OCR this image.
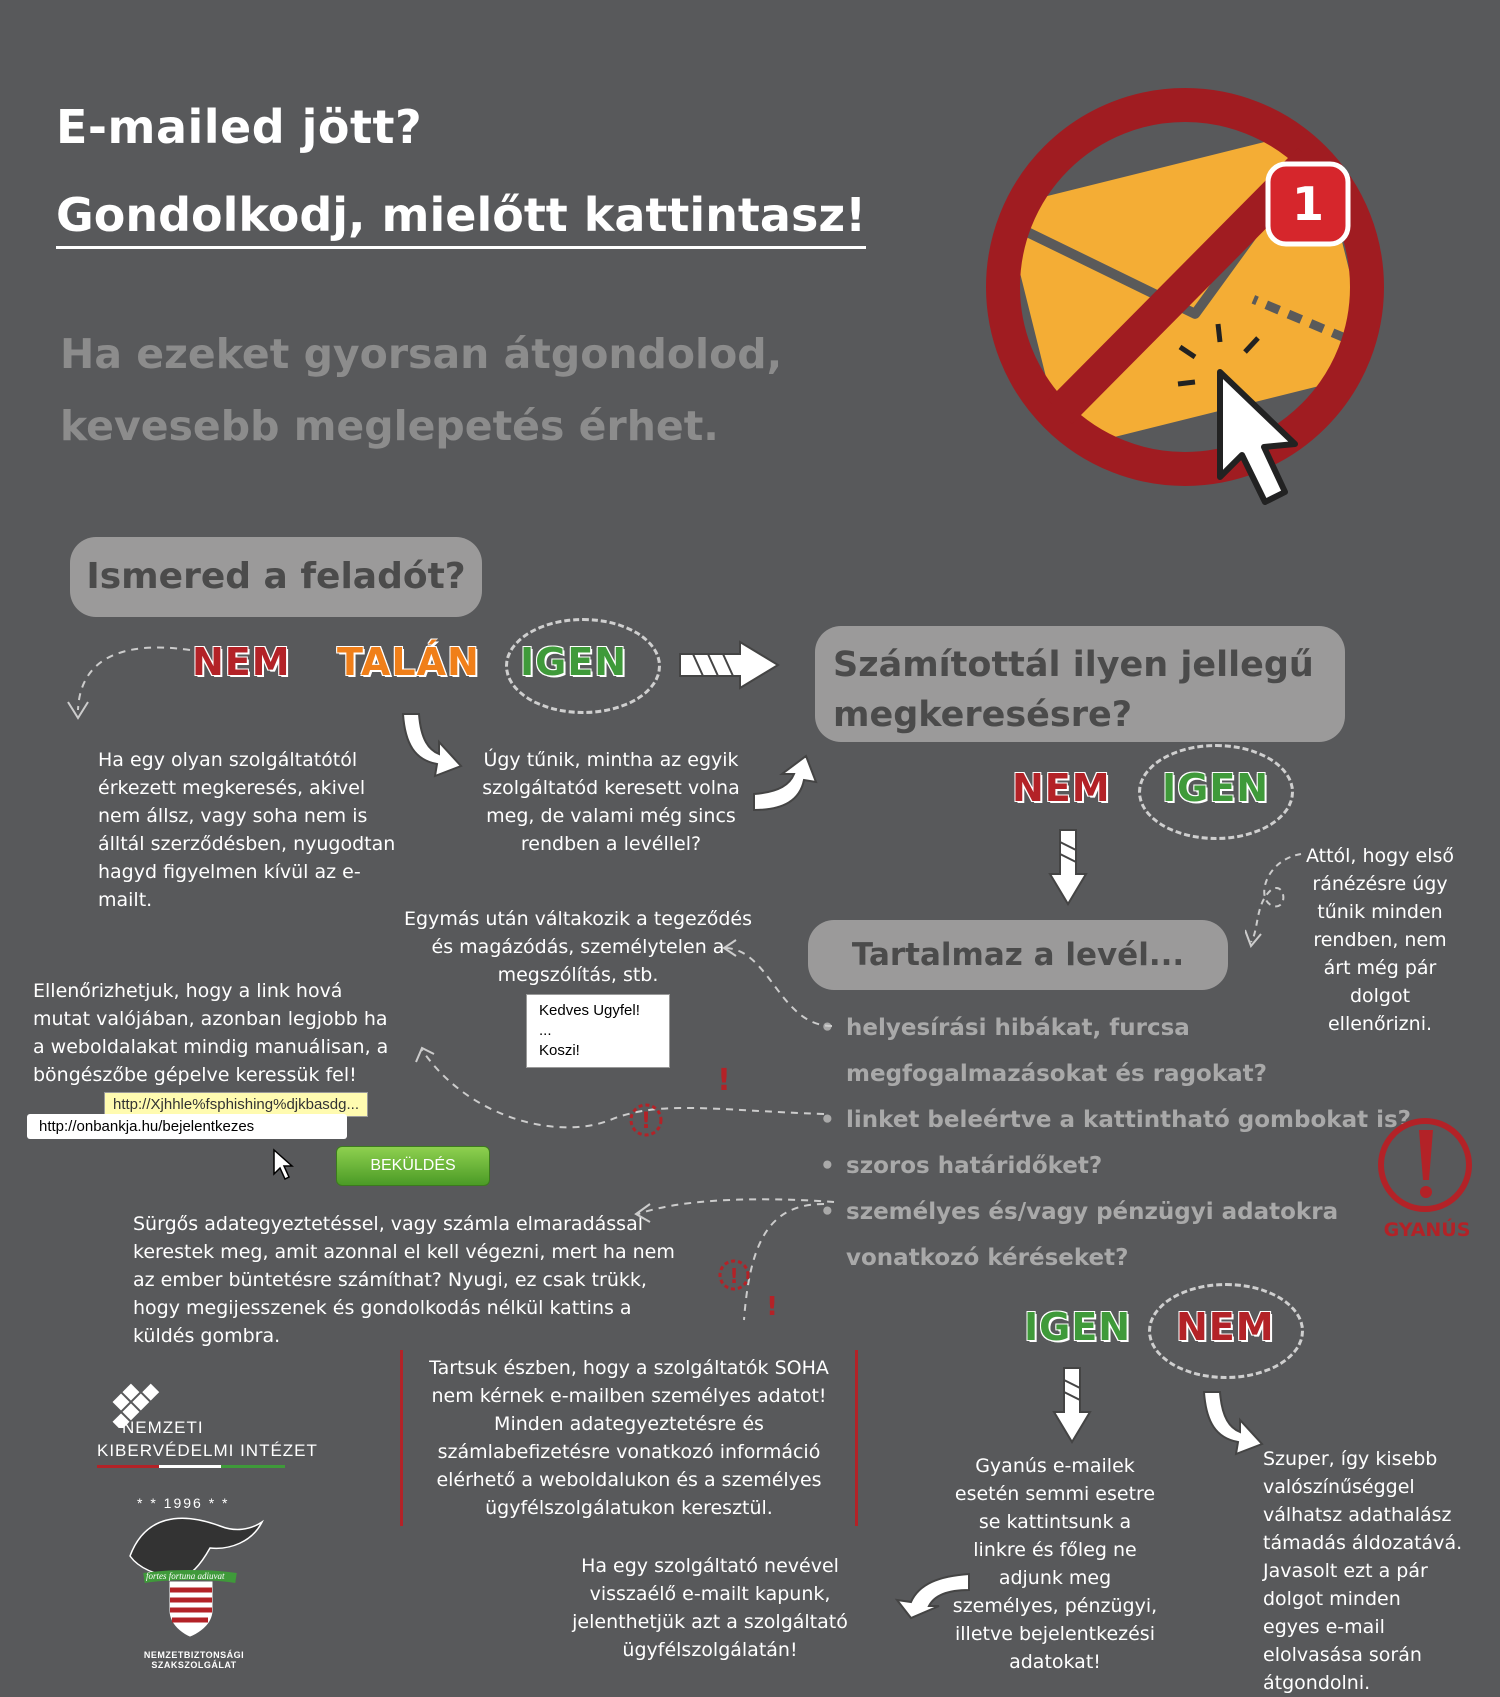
E-mailed jött?
Gondolkodj, mielőtt kattintasz!
Ha ezeket gyorsan átgondolod,
kevesebb meglepetés érhet.
1
Ismered a feladót?
NEM TALÁN IGEN
Ha egy olyan szolgáltatótól érkezett megkeresés, akivel nem állsz, vagy soha nem is álltál szerződésben, nyugodtan hagyd figyelmen kívül az e-mailt.
Úgy tűnik, mintha az egyik szolgáltatód keresett volna meg, de valami még sincs rendben a levéllel?
Számítottál ilyen jellegű megkeresésre?
NEM IGEN
Attól, hogy első ránézésre úgy tűnik minden rendben, nem árt még pár dolgot ellenőrizni.
Tartalmaz a levél...
• helyesírási hibákat, furcsa
megfogalmazásokat és ragokat?
• linket beleértve a kattintható gombokat is?
• szoros határidőket?
• személyes és/vagy pénzügyi adatokra
vonatkozó kéréseket?
GYANÚS
Egymás után váltakozik a tegeződés és magázódás, személytelen a megszólítás, stb.
Kedves Ugyfel!
...
Koszi!
Ellenőrizhetjuk, hogy a link hová mutat valójában, azonban legjobb ha a weboldalakat mindig manuálisan, a böngészőbe gépelve keressük fel!
http://Xjhhle%fsphishing%djkbasdg...
http://onbankja.hu/bejelentkezes
BEKÜLDÉS
!
!
Sürgős adategyeztetéssel, vagy számla elmaradással kerestek meg, amit azonnal el kell végezni, mert ha nem az ember büntetésre számíthat? Nyugi, ez csak trükk, hogy megijesszenek és gondolkodás nélkül kattins a küldés gombra.
!
!
Tartsuk észben, hogy a szolgáltatók SOHA nem kérnek e-mailben személyes adatot! Minden adategyeztetésre és számlabefizetésre vonatkozó információ elérhető a weboldalukon és a személyes ügyfélszolgálatukon keresztül.
Ha egy szolgáltató nevével visszaélő e-mailt kapunk, jelenthetjük azt a szolgáltató ügyfélszolgálatán!
IGEN NEM
Gyanús e-mailek esetén semmi esetre se kattintsunk a linkre és főleg ne adjunk meg személyes, pénzügyi, illetve bejelentkezési adatokat!
Szuper, így kisebb valószínűséggel válhatsz adathalász támadás áldozatává. Javasolt ezt a pár dolgot minden egyes e-mail elolvasása során átgondolni.
NEMZETI
KIBERVÉDELMI INTÉZET
* * 1996 * *
fortes fortuna adiuvat
NEMZETBIZTONSÁGI SZAKSZOLGÁLAT
